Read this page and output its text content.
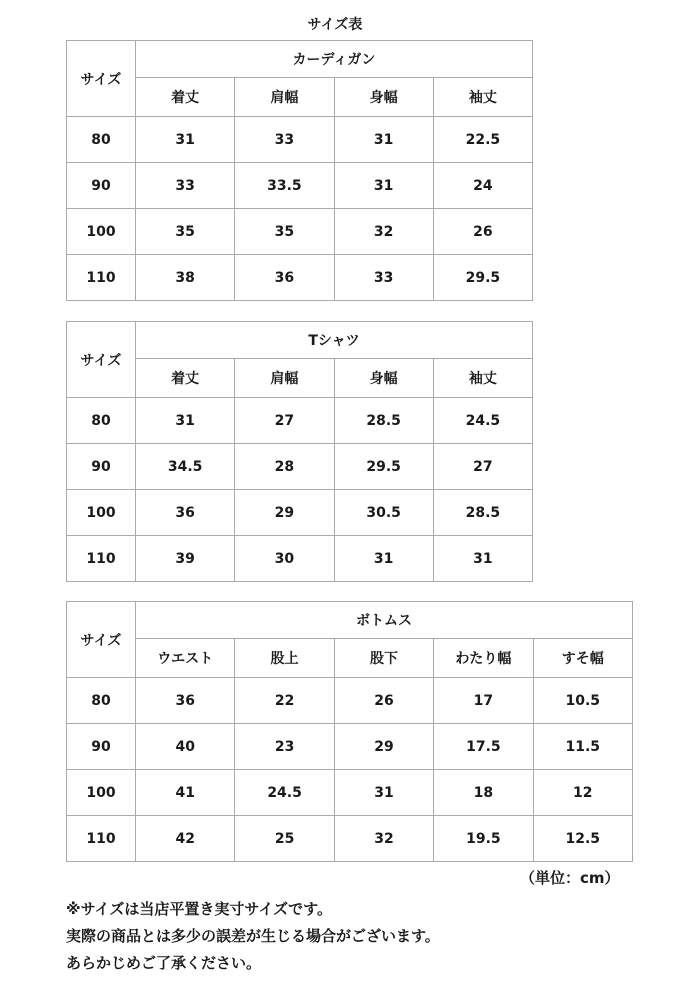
サイズ表
サイズ	カーディガン			
	着丈	肩幅	身幅	袖丈
80	31	33	31	22.5
90	33	33.5	31	24
100	35	35	32	26
110	38	36	33	29.5
サイズ	Tシャツ			
	着丈	肩幅	身幅	袖丈
80	31	27	28.5	24.5
90	34.5	28	29.5	27
100	36	29	30.5	28.5
110	39	30	31	31
サイズ	ボトムス				
	ウエスト	股上	股下	わたり幅	すそ幅
80	36	22	26	17	10.5
90	40	23	29	17.5	11.5
100	41	24.5	31	18	12
110	42	25	32	19.5	12.5
（単位：cm）
※サイズは当店平置き実寸サイズです。
実際の商品とは多少の誤差が生じる場合がございます。
あらかじめご了承ください。
